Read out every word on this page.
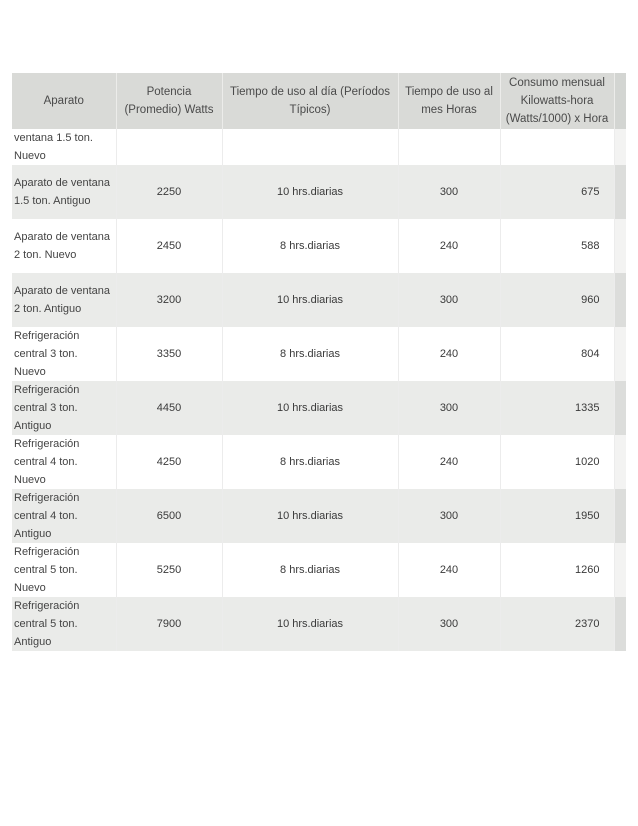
Aparato	Potencia (Promedio) Watts	Tiempo de uso al día (Períodos Típicos)	Tiempo de uso al mes Horas	Consumo mensual Kilowatts-hora (Watts/1000) x Hora	
ventana 1.5 ton. Nuevo					
Aparato de ventana 1.5 ton. Antiguo	2250	10 hrs.diarias	300	675	
Aparato de ventana 2 ton. Nuevo	2450	8 hrs.diarias	240	588	
Aparato de ventana 2 ton. Antiguo	3200	10 hrs.diarias	300	960	
Refrigeración central 3 ton. Nuevo	3350	8 hrs.diarias	240	804	
Refrigeración central 3 ton. Antiguo	4450	10 hrs.diarias	300	1335	
Refrigeración central 4 ton. Nuevo	4250	8 hrs.diarias	240	1020	
Refrigeración central 4 ton. Antiguo	6500	10 hrs.diarias	300	1950	
Refrigeración central 5 ton. Nuevo	5250	8 hrs.diarias	240	1260	
Refrigeración central 5 ton. Antiguo	7900	10 hrs.diarias	300	2370	
